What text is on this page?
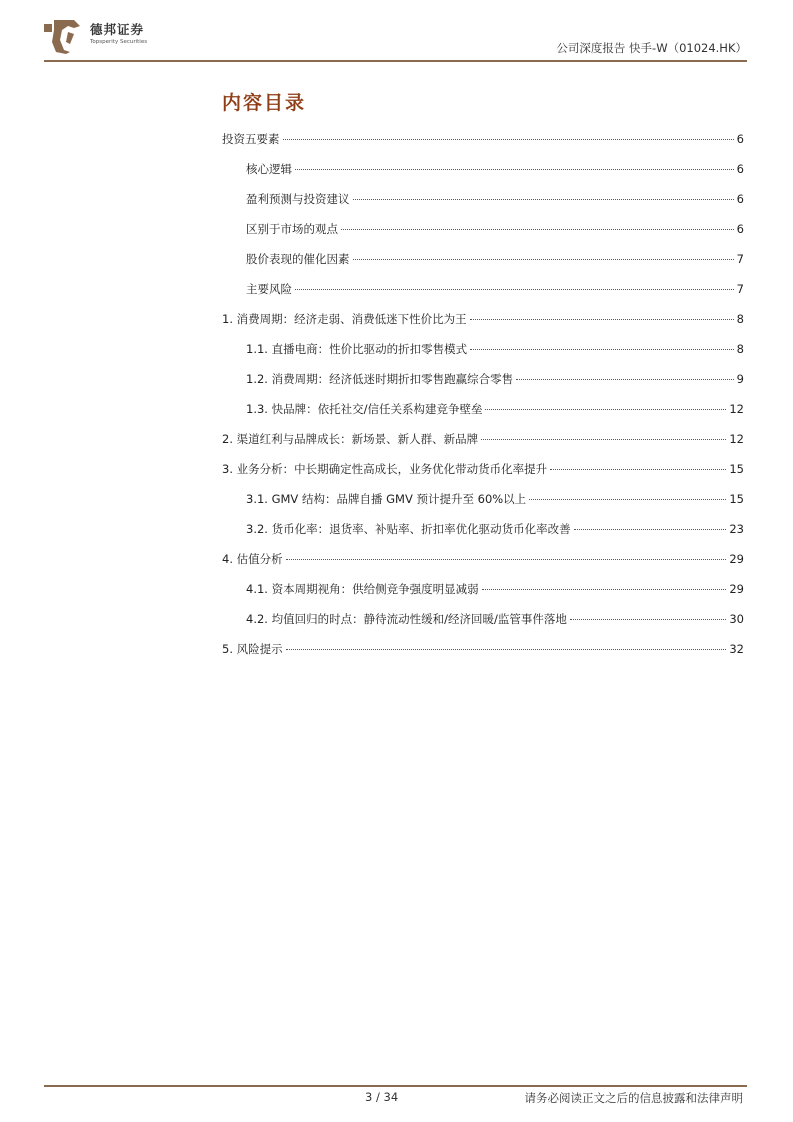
德邦证券
Topsperity Securities	公司深度报告 快手-W（01024.HK）
内容目录
投资五要素	6
核心逻辑	6
盈利预测与投资建议	6
区别于市场的观点	6
股价表现的催化因素	7
主要风险	7
1. 消费周期：经济走弱、消费低迷下性价比为王	8
1.1. 直播电商：性价比驱动的折扣零售模式	8
1.2. 消费周期：经济低迷时期折扣零售跑赢综合零售	9
1.3. 快品牌：依托社交/信任关系构建竞争壁垒	12
2. 渠道红利与品牌成长：新场景、新人群、新品牌	12
3. 业务分析：中长期确定性高成长，业务优化带动货币化率提升	15
3.1. GMV 结构：品牌自播 GMV 预计提升至 60%以上	15
3.2. 货币化率：退货率、补贴率、折扣率优化驱动货币化率改善	23
4. 估值分析	29
4.1. 资本周期视角：供给侧竞争强度明显减弱	29
4.2. 均值回归的时点：静待流动性缓和/经济回暖/监管事件落地	30
5. 风险提示	32
3 / 34	请务必阅读正文之后的信息披露和法律声明
